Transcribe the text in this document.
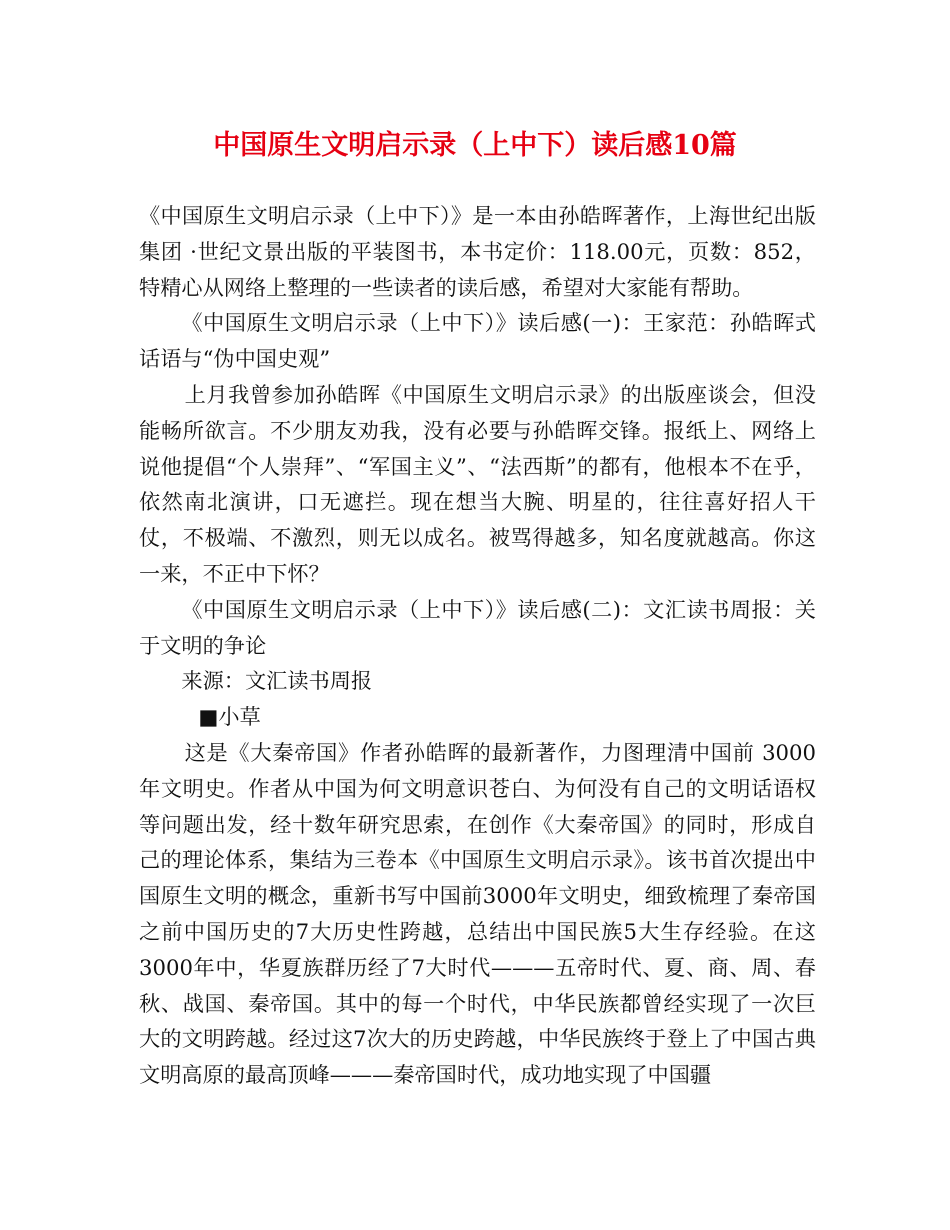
中国原生文明启示录（上中下）读后感10篇

《中国原生文明启示录（上中下）》是一本由孙皓晖著作，上海世纪出版集团 ·世纪文景出版的平装图书，本书定价：118.00元，页数：852，特精心从网络上整理的一些读者的读后感，希望对大家能有帮助。

《中国原生文明启示录（上中下）》读后感(一)：王家范：孙皓晖式话语与“伪中国史观”

上月我曾参加孙皓晖《中国原生文明启示录》的出版座谈会，但没能畅所欲言。不少朋友劝我，没有必要与孙皓晖交锋。报纸上、网络上说他提倡“个人崇拜”、“军国主义”、“法西斯”的都有，他根本不在乎，依然南北演讲，口无遮拦。现在想当大腕、明星的，往往喜好招人干仗，不极端、不激烈，则无以成名。被骂得越多，知名度就越高。你这一来，不正中下怀？

《中国原生文明启示录（上中下）》读后感(二)：文汇读书周报：关于文明的争论

来源：文汇读书周报

■小草

这是《大秦帝国》作者孙皓晖的最新著作，力图理清中国前 3000年文明史。作者从中国为何文明意识苍白、为何没有自己的文明话语权等问题出发，经十数年研究思索，在创作《大秦帝国》的同时，形成自己的理论体系，集结为三卷本《中国原生文明启示录》。该书首次提出中国原生文明的概念，重新书写中国前3000年文明史，细致梳理了秦帝国之前中国历史的7大历史性跨越，总结出中国民族5大生存经验。在这3000年中，华夏族群历经了7大时代———五帝时代、夏、商、周、春秋、战国、秦帝国。其中的每一个时代，中华民族都曾经实现了一次巨大的文明跨越。经过这7次大的历史跨越，中华民族终于登上了中国古典文明高原的最高顶峰———秦帝国时代，成功地实现了中国疆
